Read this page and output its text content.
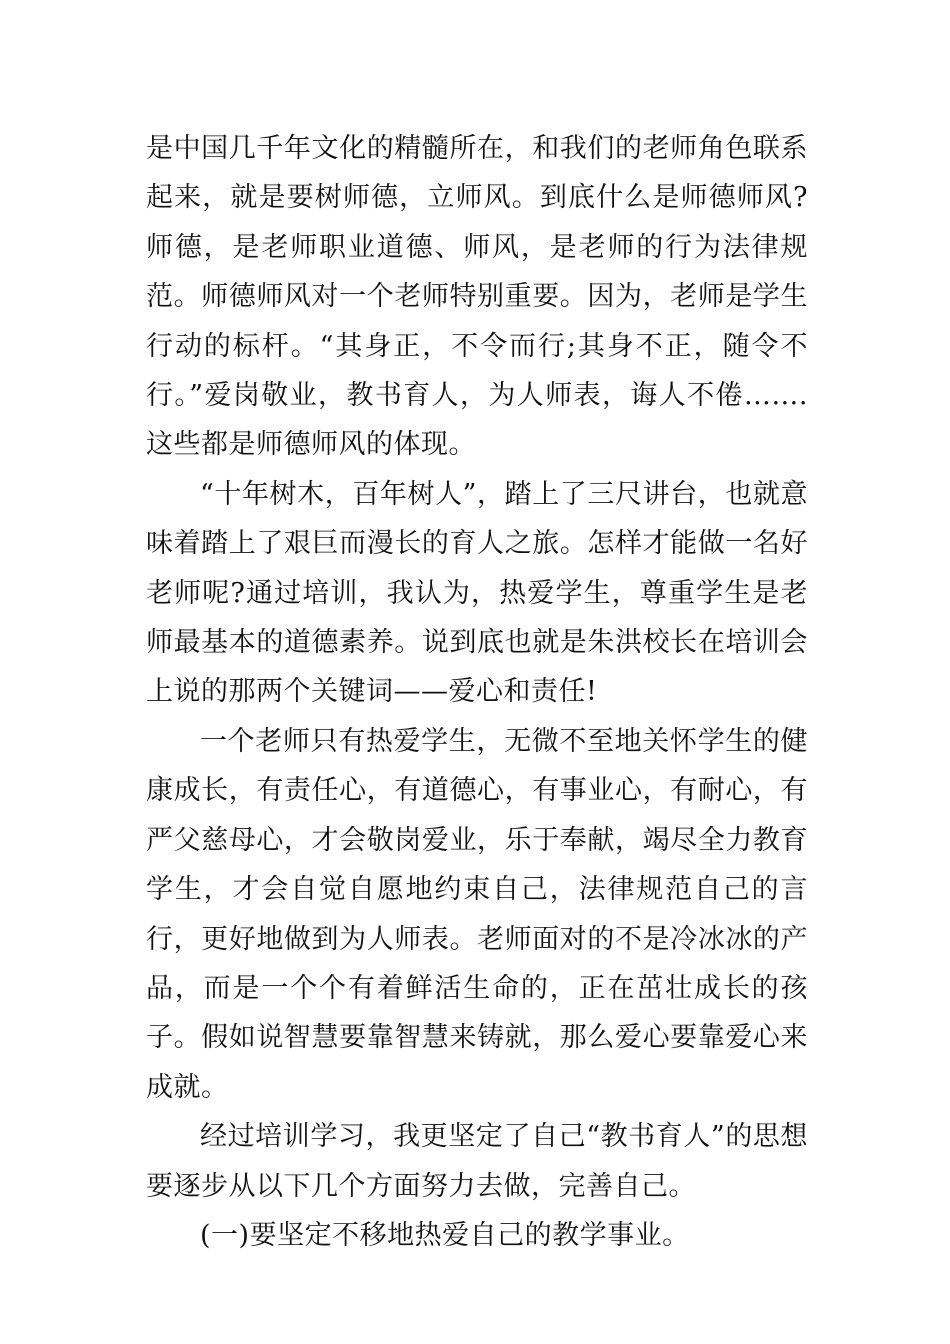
是中国几千年文化的精髓所在，和我们的老师角色联系起来，就是要树师德，立师风。到底什么是师德师风?师德，是老师职业道德、师风，是老师的行为法律规范。师德师风对一个老师特别重要。因为，老师是学生行动的标杆。“其身正，不令而行;其身不正，随令不行。”爱岗敬业，教书育人，为人师表，诲人不倦…….这些都是师德师风的体现。

“十年树木，百年树人”，踏上了三尺讲台，也就意味着踏上了艰巨而漫长的育人之旅。怎样才能做一名好老师呢?通过培训，我认为，热爱学生，尊重学生是老师最基本的道德素养。说到底也就是朱洪校长在培训会上说的那两个关键词——爱心和责任!

一个老师只有热爱学生，无微不至地关怀学生的健康成长，有责任心，有道德心，有事业心，有耐心，有严父慈母心，才会敬岗爱业，乐于奉献，竭尽全力教育学生，才会自觉自愿地约束自己，法律规范自己的言行，更好地做到为人师表。老师面对的不是冷冰冰的产品，而是一个个有着鲜活生命的，正在茁壮成长的孩子。假如说智慧要靠智慧来铸就，那么爱心要靠爱心来成就。

经过培训学习，我更坚定了自己“教书育人”的思想要逐步从以下几个方面努力去做，完善自己。

(一)要坚定不移地热爱自己的教学事业。
